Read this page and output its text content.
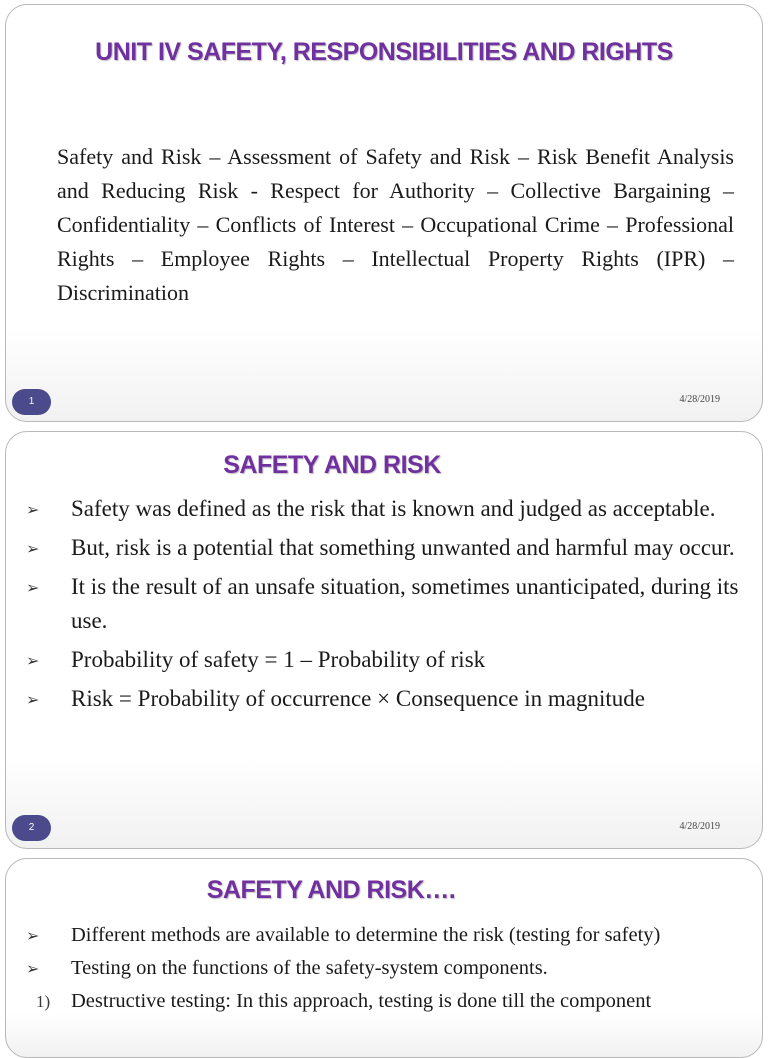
UNIT IV SAFETY, RESPONSIBILITIES AND RIGHTS
Safety and Risk – Assessment of Safety and Risk – Risk Benefit Analysis and Reducing Risk - Respect for Authority – Collective Bargaining – Confidentiality – Conflicts of Interest – Occupational Crime – Professional Rights – Employee Rights – Intellectual Property Rights (IPR) – Discrimination
1	4/28/2019
SAFETY AND RISK
➢ Safety was defined as the risk that is known and judged as acceptable.
➢ But, risk is a potential that something unwanted and harmful may occur.
➢ It is the result of an unsafe situation, sometimes unanticipated, during its use.
➢ Probability of safety = 1 – Probability of risk
➢ Risk = Probability of occurrence × Consequence in magnitude
2	4/28/2019
SAFETY AND RISK….
➢ Different methods are available to determine the risk (testing for safety)
➢ Testing on the functions of the safety-system components.
1) Destructive testing: In this approach, testing is done till the component
